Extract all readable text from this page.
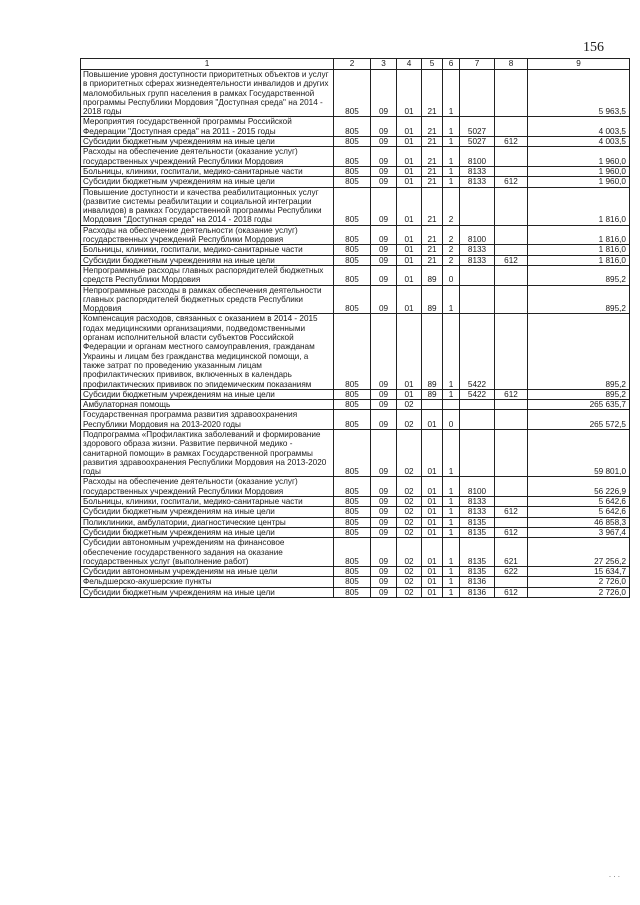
156
1	2	3	4	5	6	7	8	9
Повышение уровня доступности приоритетных объектов и услуг в приоритетных сферах жизнедеятельности инвалидов и других маломобильных групп населения в рамках Государственной программы Республики Мордовия "Доступная среда" на 2014 - 2018 годы	805	09	01	21	1			5 963,5
Мероприятия государственной программы Российской Федерации "Доступная среда" на 2011 - 2015 годы	805	09	01	21	1	5027		4 003,5
Субсидии бюджетным учреждениям на иные цели	805	09	01	21	1	5027	612	4 003,5
Расходы на обеспечение деятельности (оказание услуг) государственных учреждений Республики Мордовия	805	09	01	21	1	8100		1 960,0
Больницы, клиники, госпитали, медико-санитарные части	805	09	01	21	1	8133		1 960,0
Субсидии бюджетным учреждениям на иные цели	805	09	01	21	1	8133	612	1 960,0
Повышение доступности и качества реабилитационных услуг (развитие системы реабилитации и социальной интеграции инвалидов) в рамках Государственной программы Республики Мордовия "Доступная среда" на 2014 - 2018 годы	805	09	01	21	2			1 816,0
Расходы на обеспечение деятельности (оказание услуг) государственных учреждений Республики Мордовия	805	09	01	21	2	8100		1 816,0
Больницы, клиники, госпитали, медико-санитарные части	805	09	01	21	2	8133		1 816,0
Субсидии бюджетным учреждениям на иные цели	805	09	01	21	2	8133	612	1 816,0
Непрограммные расходы главных распорядителей бюджетных средств Республики Мордовия	805	09	01	89	0			895,2
Непрограммные расходы в рамках обеспечения деятельности главных распорядителей бюджетных средств Республики Мордовия	805	09	01	89	1			895,2
Компенсация расходов, связанных с оказанием в 2014 - 2015 годах медицинскими организациями, подведомственными органам исполнительной власти субъектов Российской Федерации и органам местного самоуправления, гражданам Украины и лицам без гражданства медицинской помощи, а также затрат по проведению указанным лицам профилактических прививок, включенных в календарь профилактических прививок по эпидемическим показаниям	805	09	01	89	1	5422		895,2
Субсидии бюджетным учреждениям на иные цели	805	09	01	89	1	5422	612	895,2
Амбулаторная помощь	805	09	02					265 635,7
Государственная программа развития здравоохранения Республики Мордовия на 2013-2020 годы	805	09	02	01	0			265 572,5
Подпрограмма «Профилактика заболеваний и формирование здорового образа жизни. Развитие первичной медико - санитарной помощи» в рамках Государственной программы развития здравоохранения Республики Мордовия на 2013-2020 годы	805	09	02	01	1			59 801,0
Расходы на обеспечение деятельности (оказание услуг) государственных учреждений Республики Мордовия	805	09	02	01	1	8100		56 226,9
Больницы, клиники, госпитали, медико-санитарные части	805	09	02	01	1	8133		5 642,6
Субсидии бюджетным учреждениям на иные цели	805	09	02	01	1	8133	612	5 642,6
Поликлиники, амбулатории, диагностические центры	805	09	02	01	1	8135		46 858,3
Субсидии бюджетным учреждениям на иные цели	805	09	02	01	1	8135	612	3 967,4
Субсидии автономным учреждениям на финансовое обеспечение государственного задания на оказание государственных услуг (выполнение работ)	805	09	02	01	1	8135	621	27 256,2
Субсидии автономным учреждениям на иные цели	805	09	02	01	1	8135	622	15 634,7
Фельдшерско-акушерские пункты	805	09	02	01	1	8136		2 726,0
Субсидии бюджетным учреждениям на иные цели	805	09	02	01	1	8136	612	2 726,0
. . .
